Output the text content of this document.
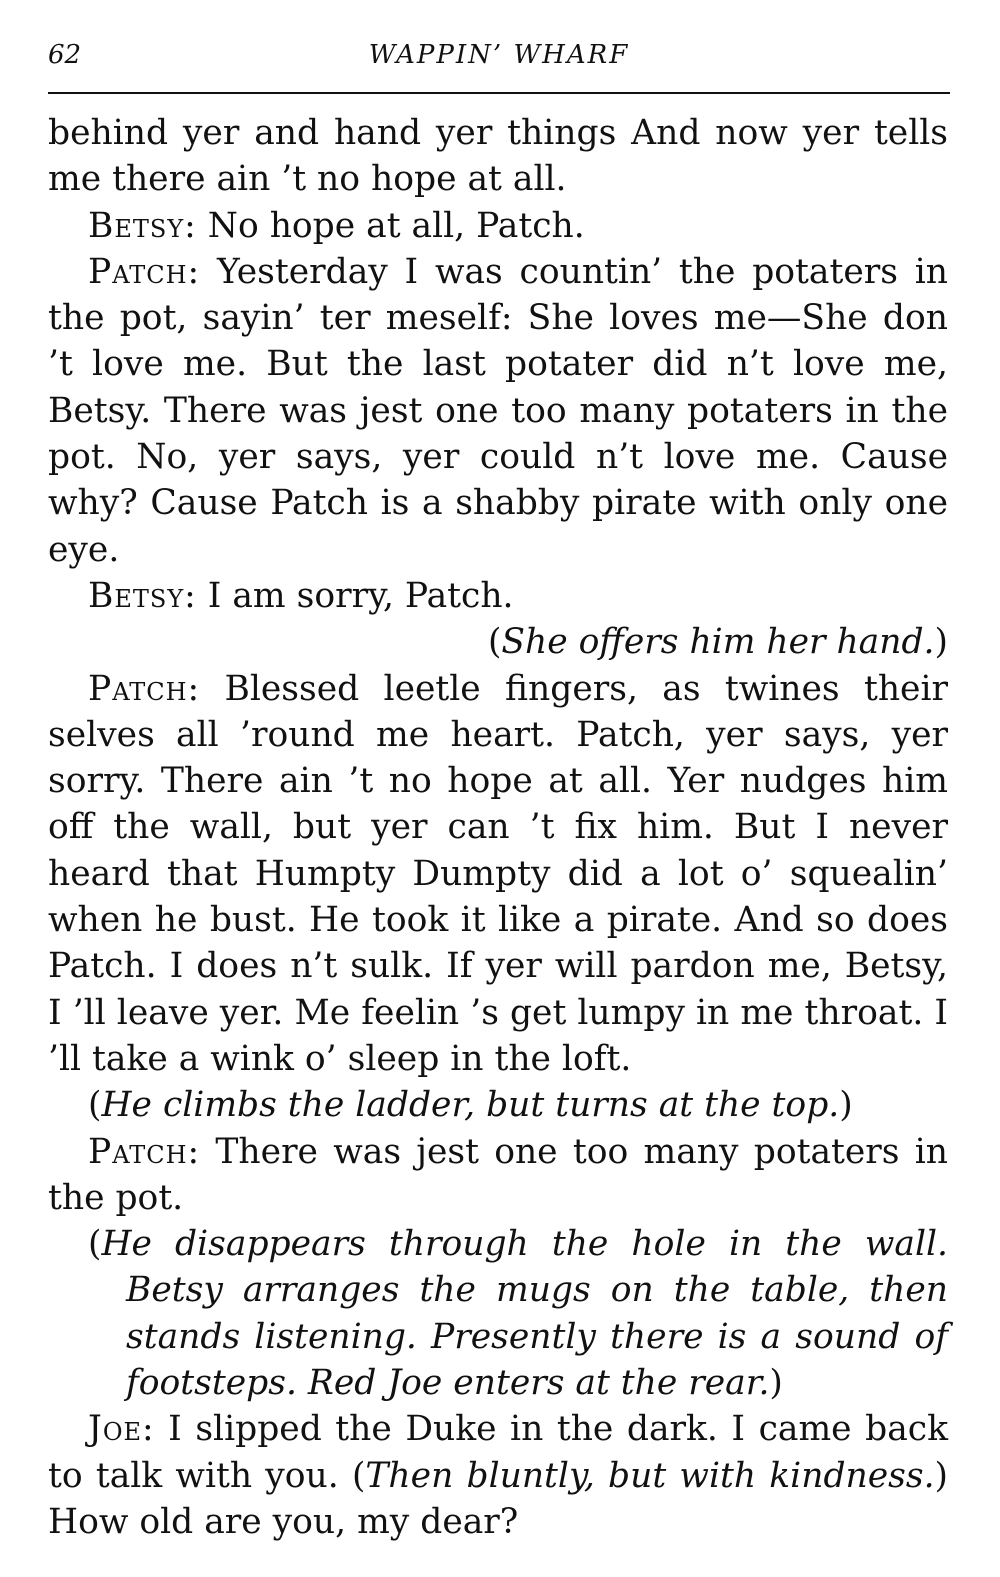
62	WAPPIN’ WHARF

behind yer and hand yer things And now yer tells me there ain ’t no hope at all.

Betsy: No hope at all, Patch.

Patch: Yesterday I was countin’ the potaters in the pot, sayin’ ter meself: She loves me—She don ’t love me. But the last potater did n’t love me, Betsy. There was jest one too many potaters in the pot. No, yer says, yer could n’t love me. Cause why? Cause Patch is a shabby pirate with only one eye.

Betsy: I am sorry, Patch.

(She offers him her hand.)

Patch: Blessed leetle fingers, as twines their selves all ’round me heart. Patch, yer says, yer sorry. There ain ’t no hope at all. Yer nudges him off the wall, but yer can ’t fix him. But I never heard that Humpty Dumpty did a lot o’ squealin’ when he bust. He took it like a pirate. And so does Patch. I does n’t sulk. If yer will pardon me, Betsy, I ’ll leave yer. Me feelin ’s get lumpy in me throat. I ’ll take a wink o’ sleep in the loft.

(He climbs the ladder, but turns at the top.)

Patch: There was jest one too many potaters in the pot.

(He disappears through the hole in the wall. Betsy arranges the mugs on the table, then stands listening. Presently there is a sound of footsteps. Red Joe enters at the rear.)

Joe: I slipped the Duke in the dark. I came back to talk with you. (Then bluntly, but with kindness.) How old are you, my dear?
